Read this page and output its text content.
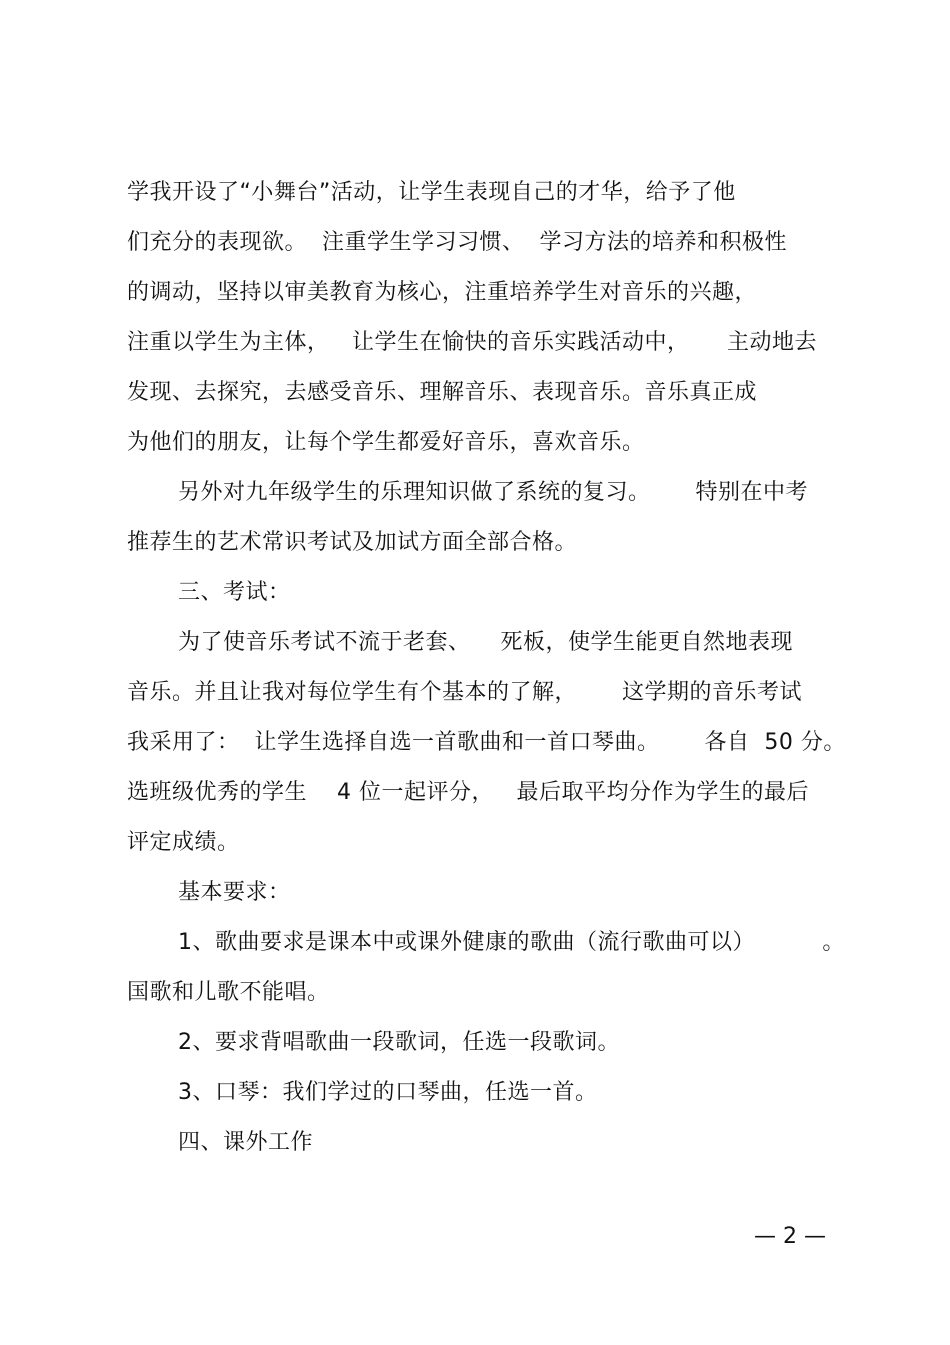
学我开设了“小舞台”活动，让学生表现自己的才华，给予了他
们充分的表现欲。  注重学生学习习惯、  学习方法的培养和积极性
的调动，坚持以审美教育为核心，注重培养学生对音乐的兴趣，
注重以学生为主体，   让学生在愉快的音乐实践活动中，     主动地去
发现、去探究，去感受音乐、理解音乐、表现音乐。音乐真正成
为他们的朋友，让每个学生都爱好音乐，喜欢音乐。
另外对九年级学生的乐理知识做了系统的复习。      特别在中考
推荐生的艺术常识考试及加试方面全部合格。
三、考试：
为了使音乐考试不流于老套、    死板，使学生能更自然地表现
音乐。并且让我对每位学生有个基本的了解，      这学期的音乐考试
我采用了：  让学生选择自选一首歌曲和一首口琴曲。      各自  50 分。
选班级优秀的学生    4 位一起评分，   最后取平均分作为学生的最后
评定成绩。
基本要求：
1、歌曲要求是课本中或课外健康的歌曲（流行歌曲可以）         。
国歌和儿歌不能唱。
2、要求背唱歌曲一段歌词，任选一段歌词。
3、口琴：我们学过的口琴曲，任选一首。
四、课外工作
— 2 —
